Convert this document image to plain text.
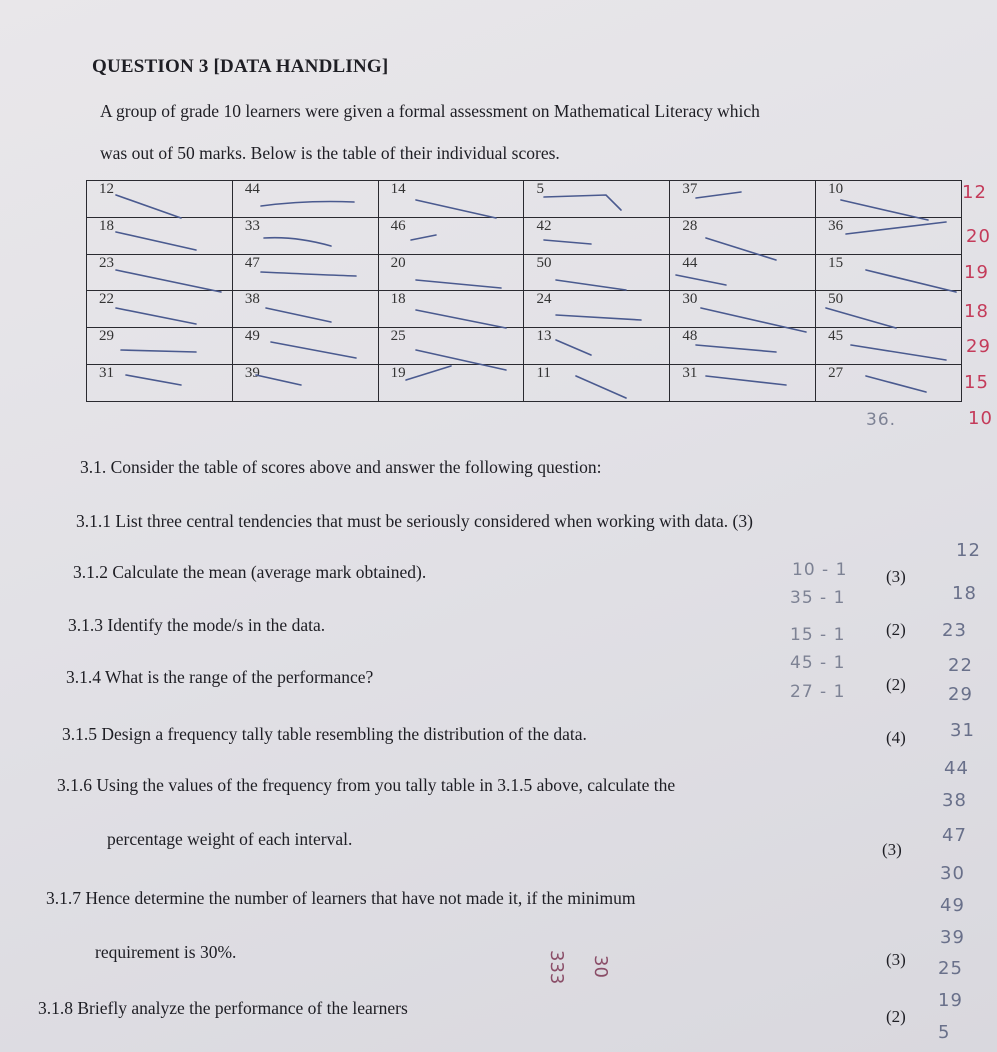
QUESTION 3 [DATA HANDLING]
A group of grade 10 learners were given a formal assessment on Mathematical Literacy which
was out of 50 marks. Below is the table of their individual scores.
12	44	14	5	37	10
18	33	46	42	28	36
23	47	20	50	44	15
22	38	18	24	30	50
29	49	25	13	48	45
31	39	19	11	31	27
36.
3.1. Consider the table of scores above and answer the following question:
3.1.1 List three central tendencies that must be seriously considered when working with data. (3)
3.1.2 Calculate the mean (average mark obtained).	(3)
3.1.3 Identify the mode/s in the data.	(2)
3.1.4 What is the range of the performance?	(2)
3.1.5 Design a frequency tally table resembling the distribution of the data.	(4)
3.1.6 Using the values of the frequency from you tally table in 3.1.5 above, calculate the
percentage weight of each interval.
(3)
3.1.7 Hence determine the number of learners that have not made it, if the minimum
requirement is 30%.	(3)
3.1.8 Briefly analyze the performance of the learners	(2)
10 - 1
35 - 1
15 - 1
45 - 1
27 - 1
12
20
19
18
29
15
10
12
18
23
22
29
31
44
38
47
30
49
39
25
19
5
333 30
